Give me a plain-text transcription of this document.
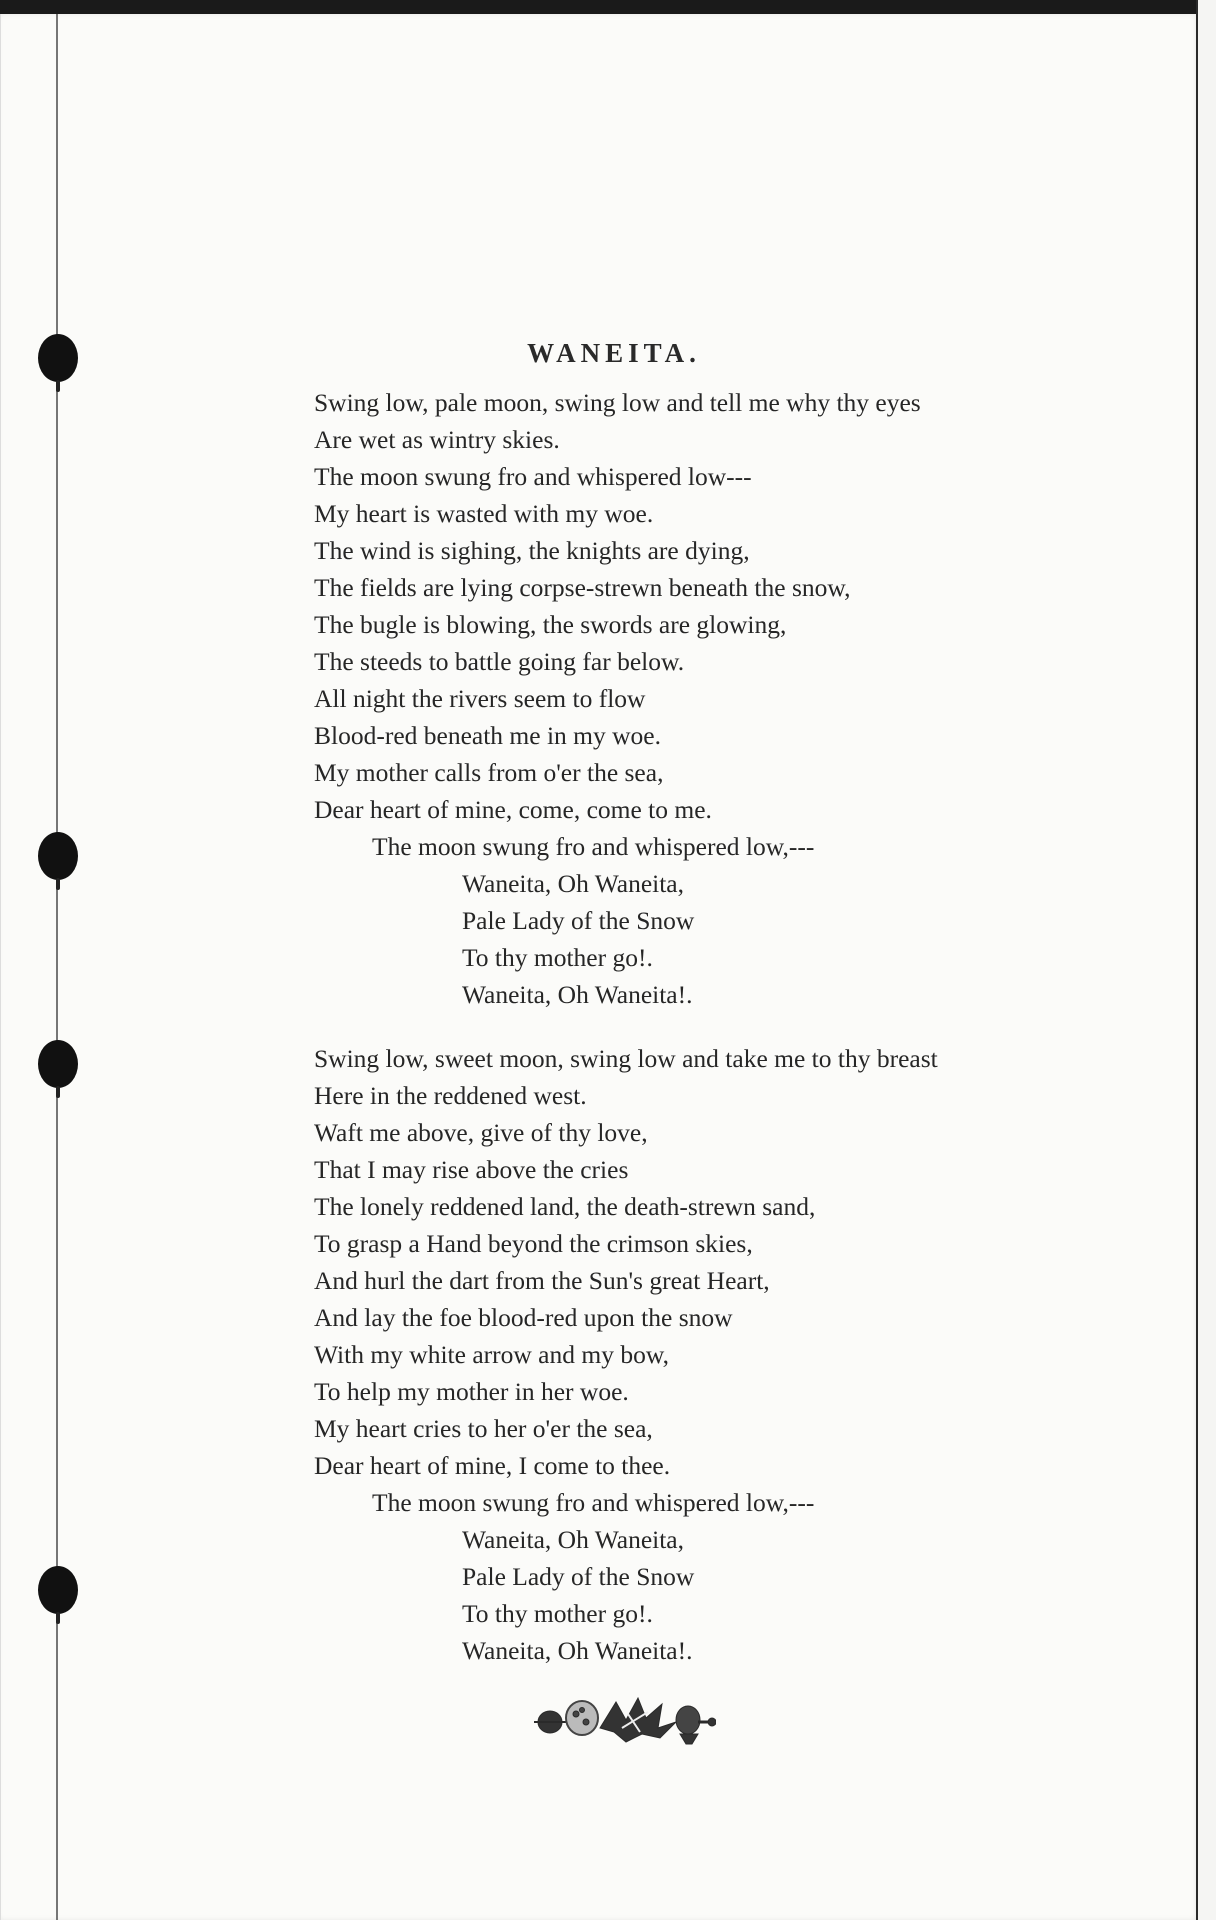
WANEITA.
Swing low, pale moon, swing low and tell me why thy eyes
Are wet as wintry skies.
The moon swung fro and whispered low---
My heart is wasted with my woe.
The wind is sighing, the knights are dying,
The fields are lying corpse-strewn beneath the snow,
The bugle is blowing, the swords are glowing,
The steeds to battle going far below.
All night the rivers seem to flow
Blood-red beneath me in my woe.
My mother calls from o'er the sea,
Dear heart of mine, come, come to me.
The moon swung fro and whispered low,---
Waneita, Oh Waneita,
Pale Lady of the Snow
To thy mother go!.
Waneita, Oh Waneita!.
Swing low, sweet moon, swing low and take me to thy breast
Here in the reddened west.
Waft me above, give of thy love,
That I may rise above the cries
The lonely reddened land, the death-strewn sand,
To grasp a Hand beyond the crimson skies,
And hurl the dart from the Sun's great Heart,
And lay the foe blood-red upon the snow
With my white arrow and my bow,
To help my mother in her woe.
My heart cries to her o'er the sea,
Dear heart of mine, I come to thee.
The moon swung fro and whispered low,---
Waneita, Oh Waneita,
Pale Lady of the Snow
To thy mother go!.
Waneita, Oh Waneita!.
